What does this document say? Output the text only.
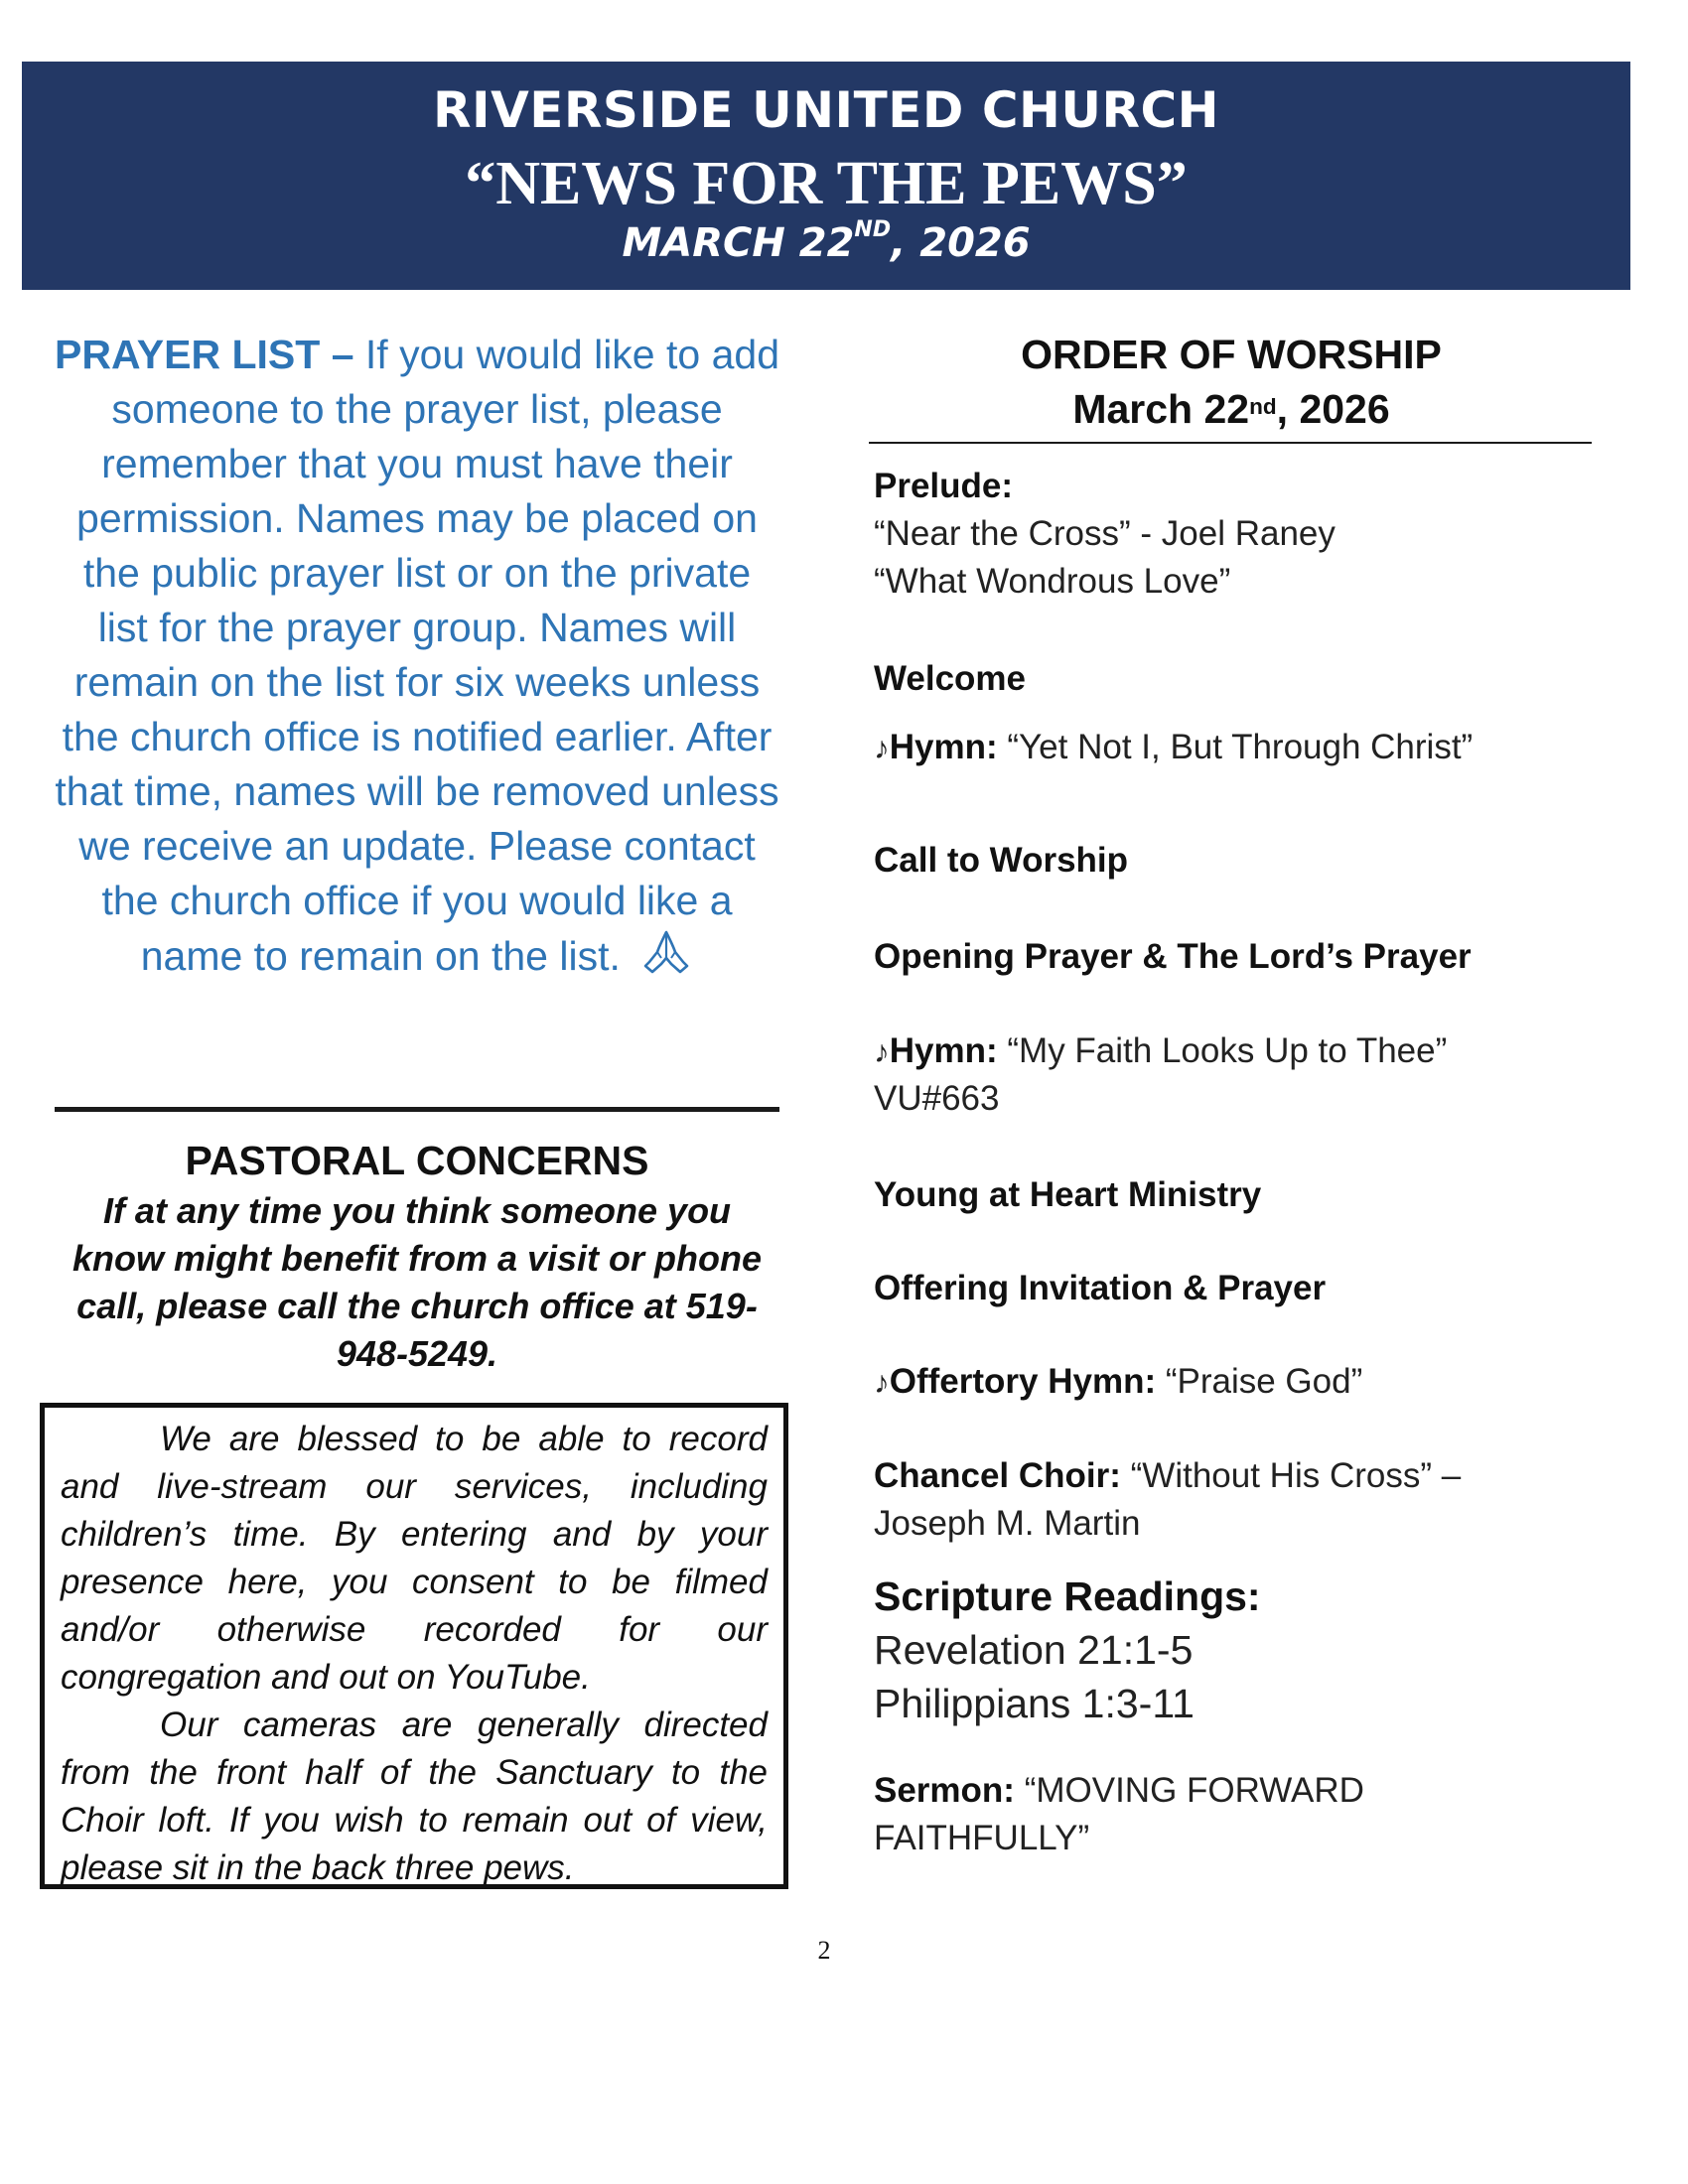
RIVERSIDE UNITED CHURCH
“NEWS FOR THE PEWS”
MARCH 22ND, 2026
PRAYER LIST – If you would like to add someone to the prayer list, please remember that you must have their permission. Names may be placed on the public prayer list or on the private list for the prayer group. Names will remain on the list for six weeks unless the church office is notified earlier. After that time, names will be removed unless we receive an update. Please contact the church office if you would like a name to remain on the list.
PASTORAL CONCERNS
If at any time you think someone you know might benefit from a visit or phone call, please call the church office at 519-948-5249.

We are blessed to be able to record and live-stream our services, including children’s time. By entering and by your presence here, you consent to be filmed and/or otherwise recorded for our congregation and out on YouTube.

Our cameras are generally directed from the front half of the Sanctuary to the Choir loft. If you wish to remain out of view, please sit in the back three pews.

2
ORDER OF WORSHIP
March 22nd, 2026
Prelude:
“Near the Cross” - Joel Raney
“What Wondrous Love”
Welcome
♪Hymn: “Yet Not I, But Through Christ”
Call to Worship
Opening Prayer & The Lord’s Prayer
♪Hymn: “My Faith Looks Up to Thee”
VU#663
Young at Heart Ministry
Offering Invitation & Prayer
♪Offertory Hymn: “Praise God”
Chancel Choir: “Without His Cross” –
Joseph M. Martin
Scripture Readings:
Revelation 21:1-5
Philippians 1:3-11
Sermon: “MOVING FORWARD
FAITHFULLY”
